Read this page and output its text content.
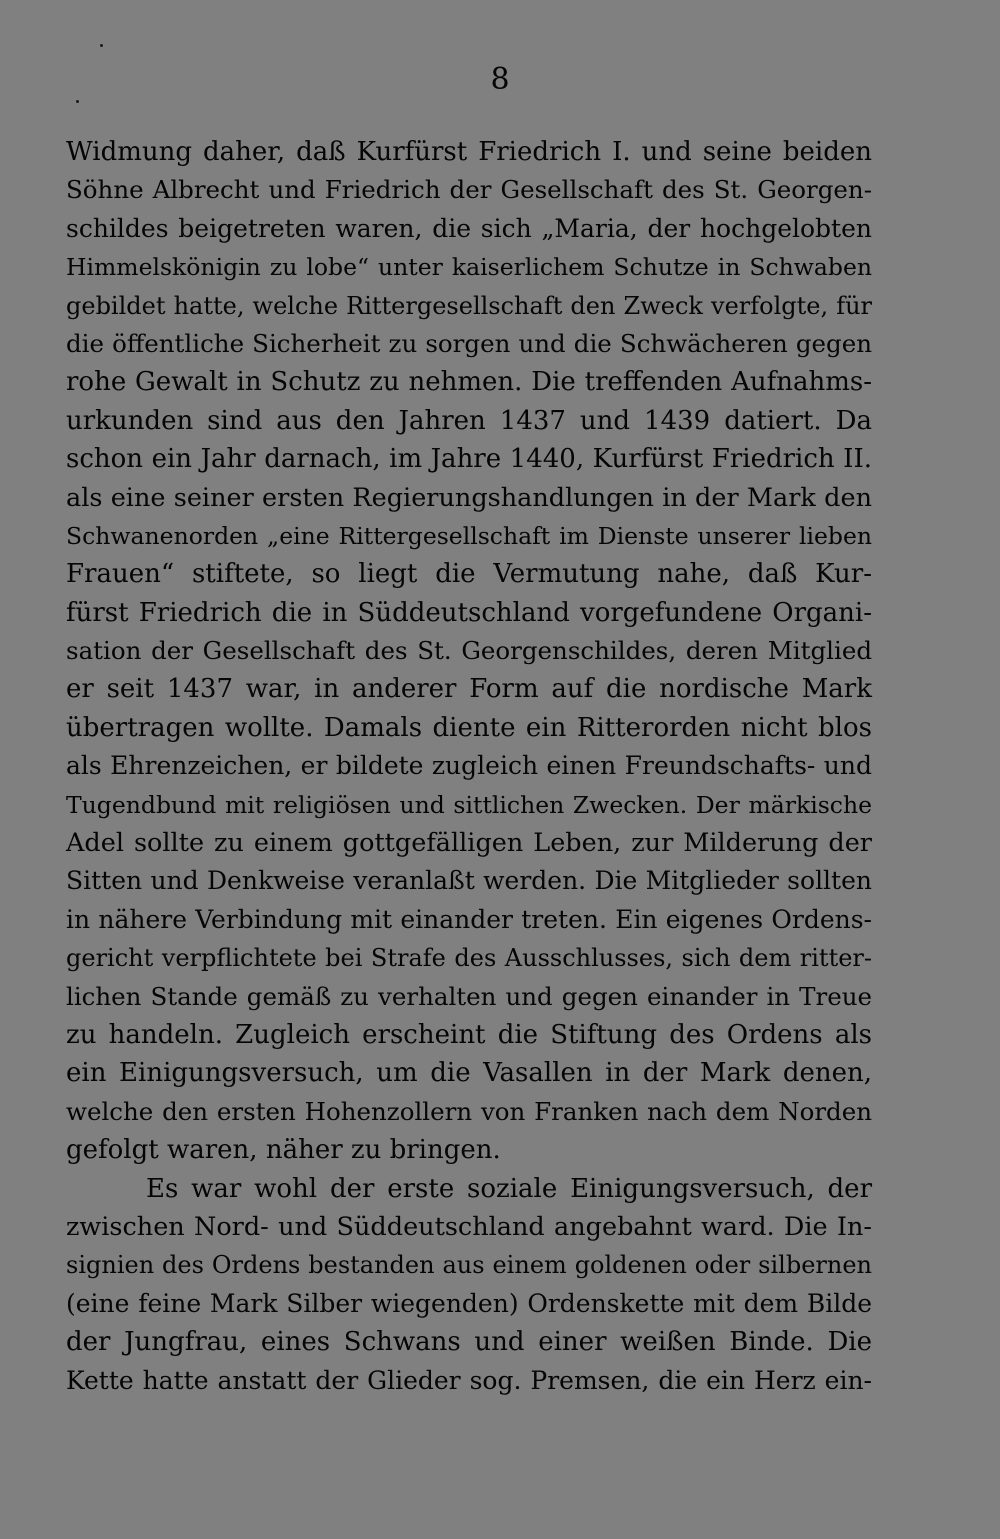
8
Widmung daher, daß Kurfürst Friedrich I. und seine beiden
Söhne Albrecht und Friedrich der Gesellschaft des St. Georgen-
schildes beigetreten waren, die sich „Maria, der hochgelobten
Himmelskönigin zu lobe“ unter kaiserlichem Schutze in Schwaben
gebildet hatte, welche Rittergesellschaft den Zweck verfolgte, für
die öffentliche Sicherheit zu sorgen und die Schwächeren gegen
rohe Gewalt in Schutz zu nehmen. Die treffenden Aufnahms-
urkunden sind aus den Jahren 1437 und 1439 datiert. Da
schon ein Jahr darnach, im Jahre 1440, Kurfürst Friedrich II.
als eine seiner ersten Regierungshandlungen in der Mark den
Schwanenorden „eine Rittergesellschaft im Dienste unserer lieben
Frauen“ stiftete, so liegt die Vermutung nahe, daß Kur-
fürst Friedrich die in Süddeutschland vorgefundene Organi-
sation der Gesellschaft des St. Georgenschildes, deren Mitglied
er seit 1437 war, in anderer Form auf die nordische Mark
übertragen wollte. Damals diente ein Ritterorden nicht blos
als Ehrenzeichen, er bildete zugleich einen Freundschafts- und
Tugendbund mit religiösen und sittlichen Zwecken. Der märkische
Adel sollte zu einem gottgefälligen Leben, zur Milderung der
Sitten und Denkweise veranlaßt werden. Die Mitglieder sollten
in nähere Verbindung mit einander treten. Ein eigenes Ordens-
gericht verpflichtete bei Strafe des Ausschlusses, sich dem ritter-
lichen Stande gemäß zu verhalten und gegen einander in Treue
zu handeln. Zugleich erscheint die Stiftung des Ordens als
ein Einigungsversuch, um die Vasallen in der Mark denen,
welche den ersten Hohenzollern von Franken nach dem Norden
gefolgt waren, näher zu bringen.
Es war wohl der erste soziale Einigungsversuch, der
zwischen Nord- und Süddeutschland angebahnt ward. Die In-
signien des Ordens bestanden aus einem goldenen oder silbernen
(eine feine Mark Silber wiegenden) Ordenskette mit dem Bilde
der Jungfrau, eines Schwans und einer weißen Binde. Die
Kette hatte anstatt der Glieder sog. Premsen, die ein Herz ein-
